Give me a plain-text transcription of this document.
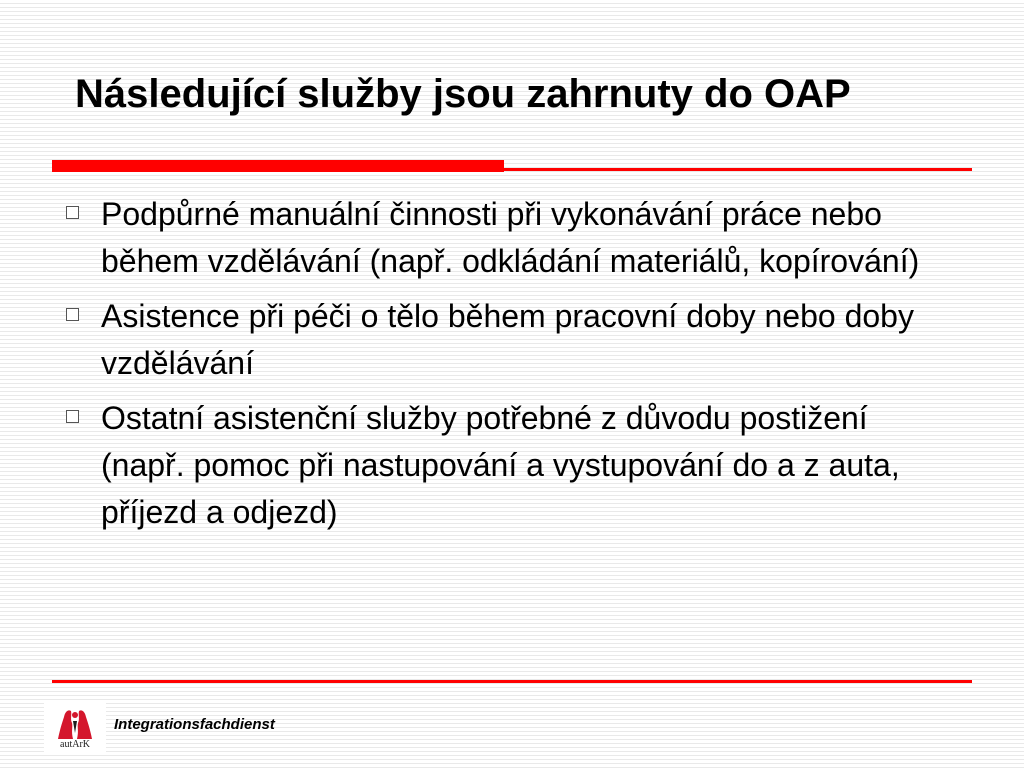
Následující služby jsou zahrnuty do OAP
Podpůrné manuální činnosti při vykonávání práce nebo během vzdělávání (např. odkládání materiálů, kopírování)
Asistence při péči o tělo během pracovní doby nebo doby vzdělávání
Ostatní asistenční služby potřebné z důvodu postižení (např. pomoc při nastupování a vystupování do a z auta, příjezd a odjezd)
autArK
Integrationsfachdienst
